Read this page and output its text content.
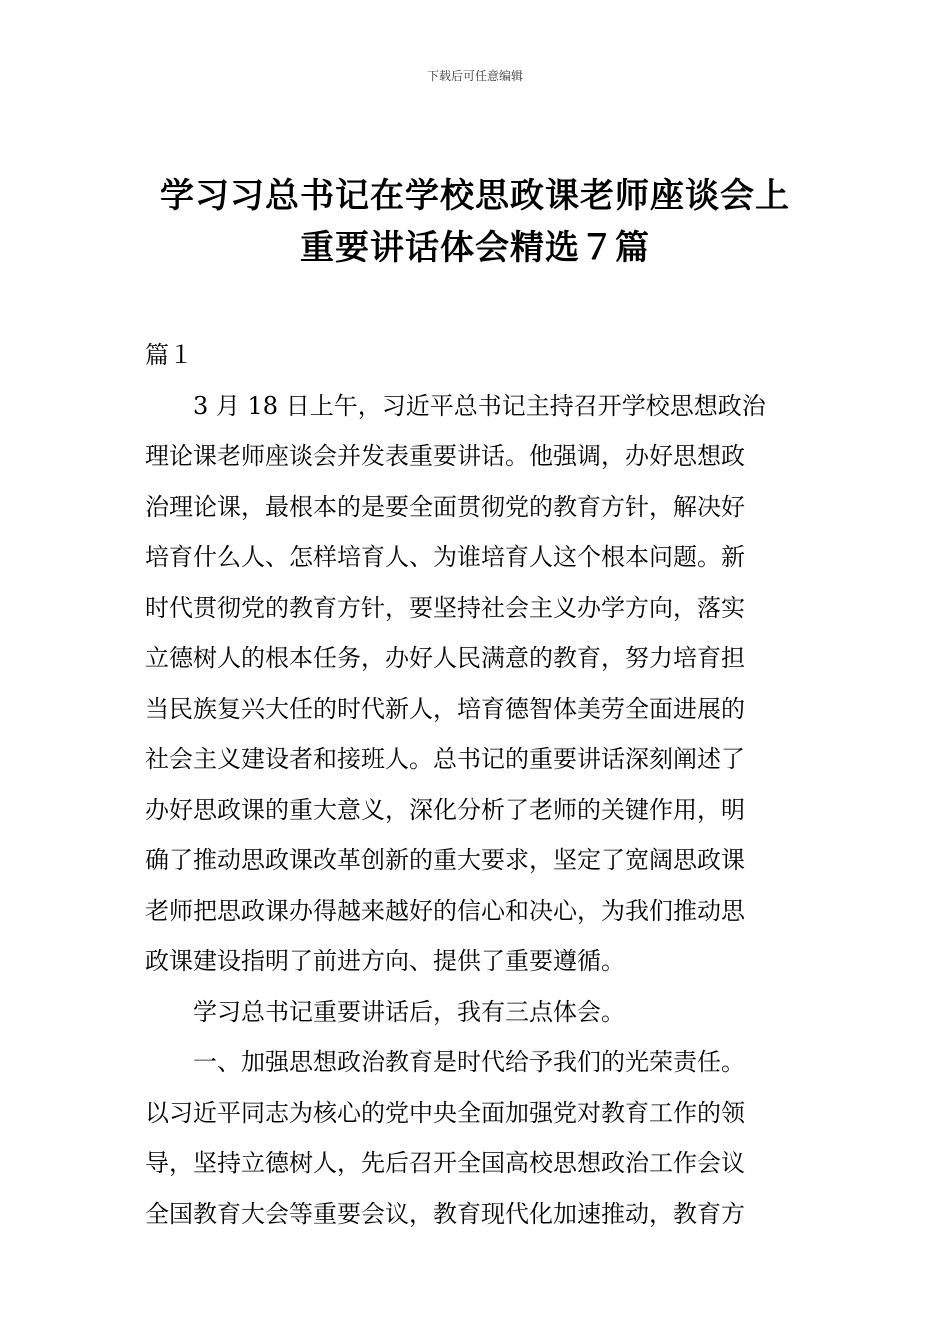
下载后可任意编辑
学习习总书记在学校思政课老师座谈会上
重要讲话体会精选７篇
篇１
3 月 18 日上午，习近平总书记主持召开学校思想政治
理论课老师座谈会并发表重要讲话。他强调，办好思想政
治理论课，最根本的是要全面贯彻党的教育方针，解决好
培育什么人、怎样培育人、为谁培育人这个根本问题。新
时代贯彻党的教育方针，要坚持社会主义办学方向，落实
立德树人的根本任务，办好人民满意的教育，努力培育担
当民族复兴大任的时代新人，培育德智体美劳全面进展的
社会主义建设者和接班人。总书记的重要讲话深刻阐述了
办好思政课的重大意义，深化分析了老师的关键作用，明
确了推动思政课改革创新的重大要求，坚定了宽阔思政课
老师把思政课办得越来越好的信心和决心，为我们推动思
政课建设指明了前进方向、提供了重要遵循。
学习总书记重要讲话后，我有三点体会。
一、加强思想政治教育是时代给予我们的光荣责任。
以习近平同志为核心的党中央全面加强党对教育工作的领
导，坚持立德树人，先后召开全国高校思想政治工作会议
全国教育大会等重要会议，教育现代化加速推动，教育方
